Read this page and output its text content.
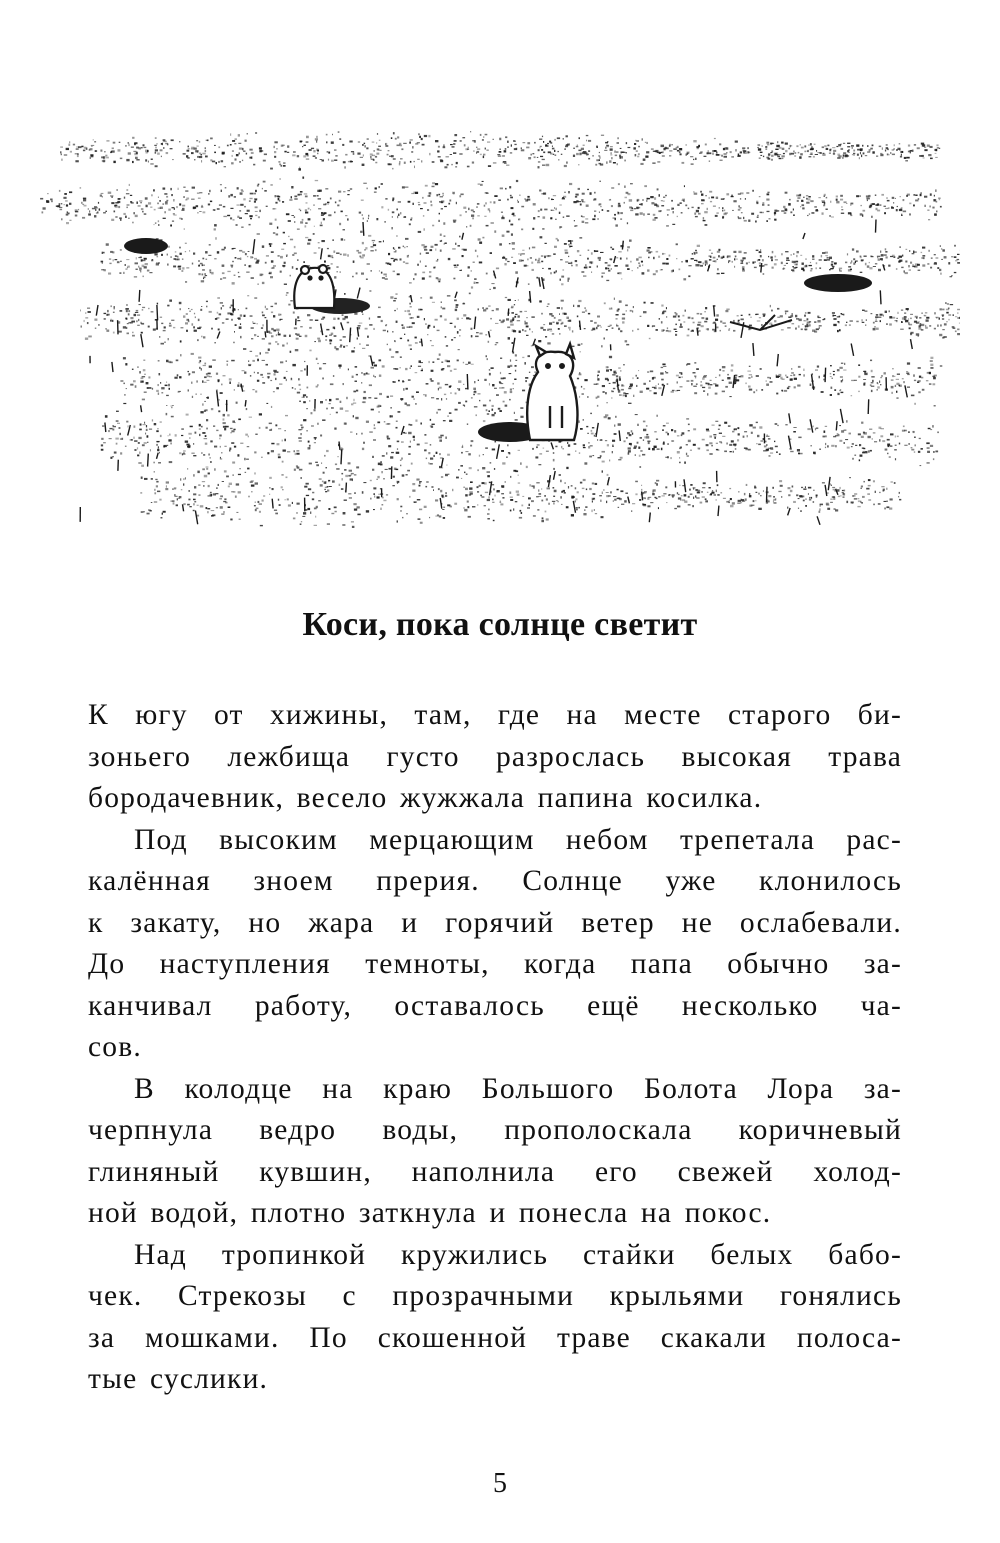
Коси, пока солнце светит
К югу от хижины, там, где на месте старого би-
зоньего лежбища густо разрослась высокая трава
бородачевник, весело жужжала папина косилка.
Под высоким мерцающим небом трепетала рас-
калённая зноем прерия. Солнце уже клонилось
к закату, но жара и горячий ветер не ослабевали.
До наступления темноты, когда папа обычно за-
канчивал работу, оставалось ещё несколько ча-
сов.
В колодце на краю Большого Болота Лора за-
черпнула ведро воды, прополоскала коричневый
глиняный кувшин, наполнила его свежей холод-
ной водой, плотно заткнула и понесла на покос.
Над тропинкой кружились стайки белых бабо-
чек. Стрекозы с прозрачными крыльями гонялись
за мошками. По скошенной траве скакали полоса-
тые суслики.
5
